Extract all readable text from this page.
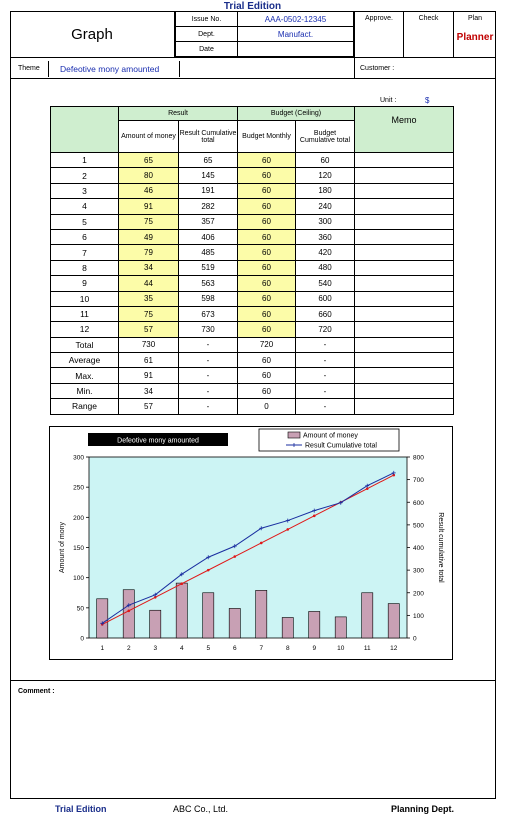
Trial Edition
Graph
Issue No.	AAA-0502-12345
Dept.	Manufact.
Date	
Approve.	Check	Plan
Planner
Theme Defeotive mony amounted	Customer :
Unit :	$
	Result		Budget (Ceiling)		Memo
	Amount of money	Result Cumulative total	Budget Monthly	Budget Cumulative total	
1	65	65	60	60	
2	80	145	60	120	
3	46	191	60	180	
4	91	282	60	240	
5	75	357	60	300	
6	49	406	60	360	
7	79	485	60	420	
8	34	519	60	480	
9	44	563	60	540	
10	35	598	60	600	
11	75	673	60	660	
12	57	730	60	720	
Total	730	-	720	-	
Average	61	-	60	-	
Max.	91	-	60	-	
Min.	34	-	60	-	
Range	57	-	0	-	
0
50
100
150
200
250
300
0
100
200
300
400
500
600
700
800
1	2	3	4	5	6	7	8	9	10	11	12
Amount of mony	Result cumulative total
Defeotive mony amounted
Amount of money
Result Cumulative total
Comment :
Trial Edition	ABC Co., Ltd.	Planning Dept.
